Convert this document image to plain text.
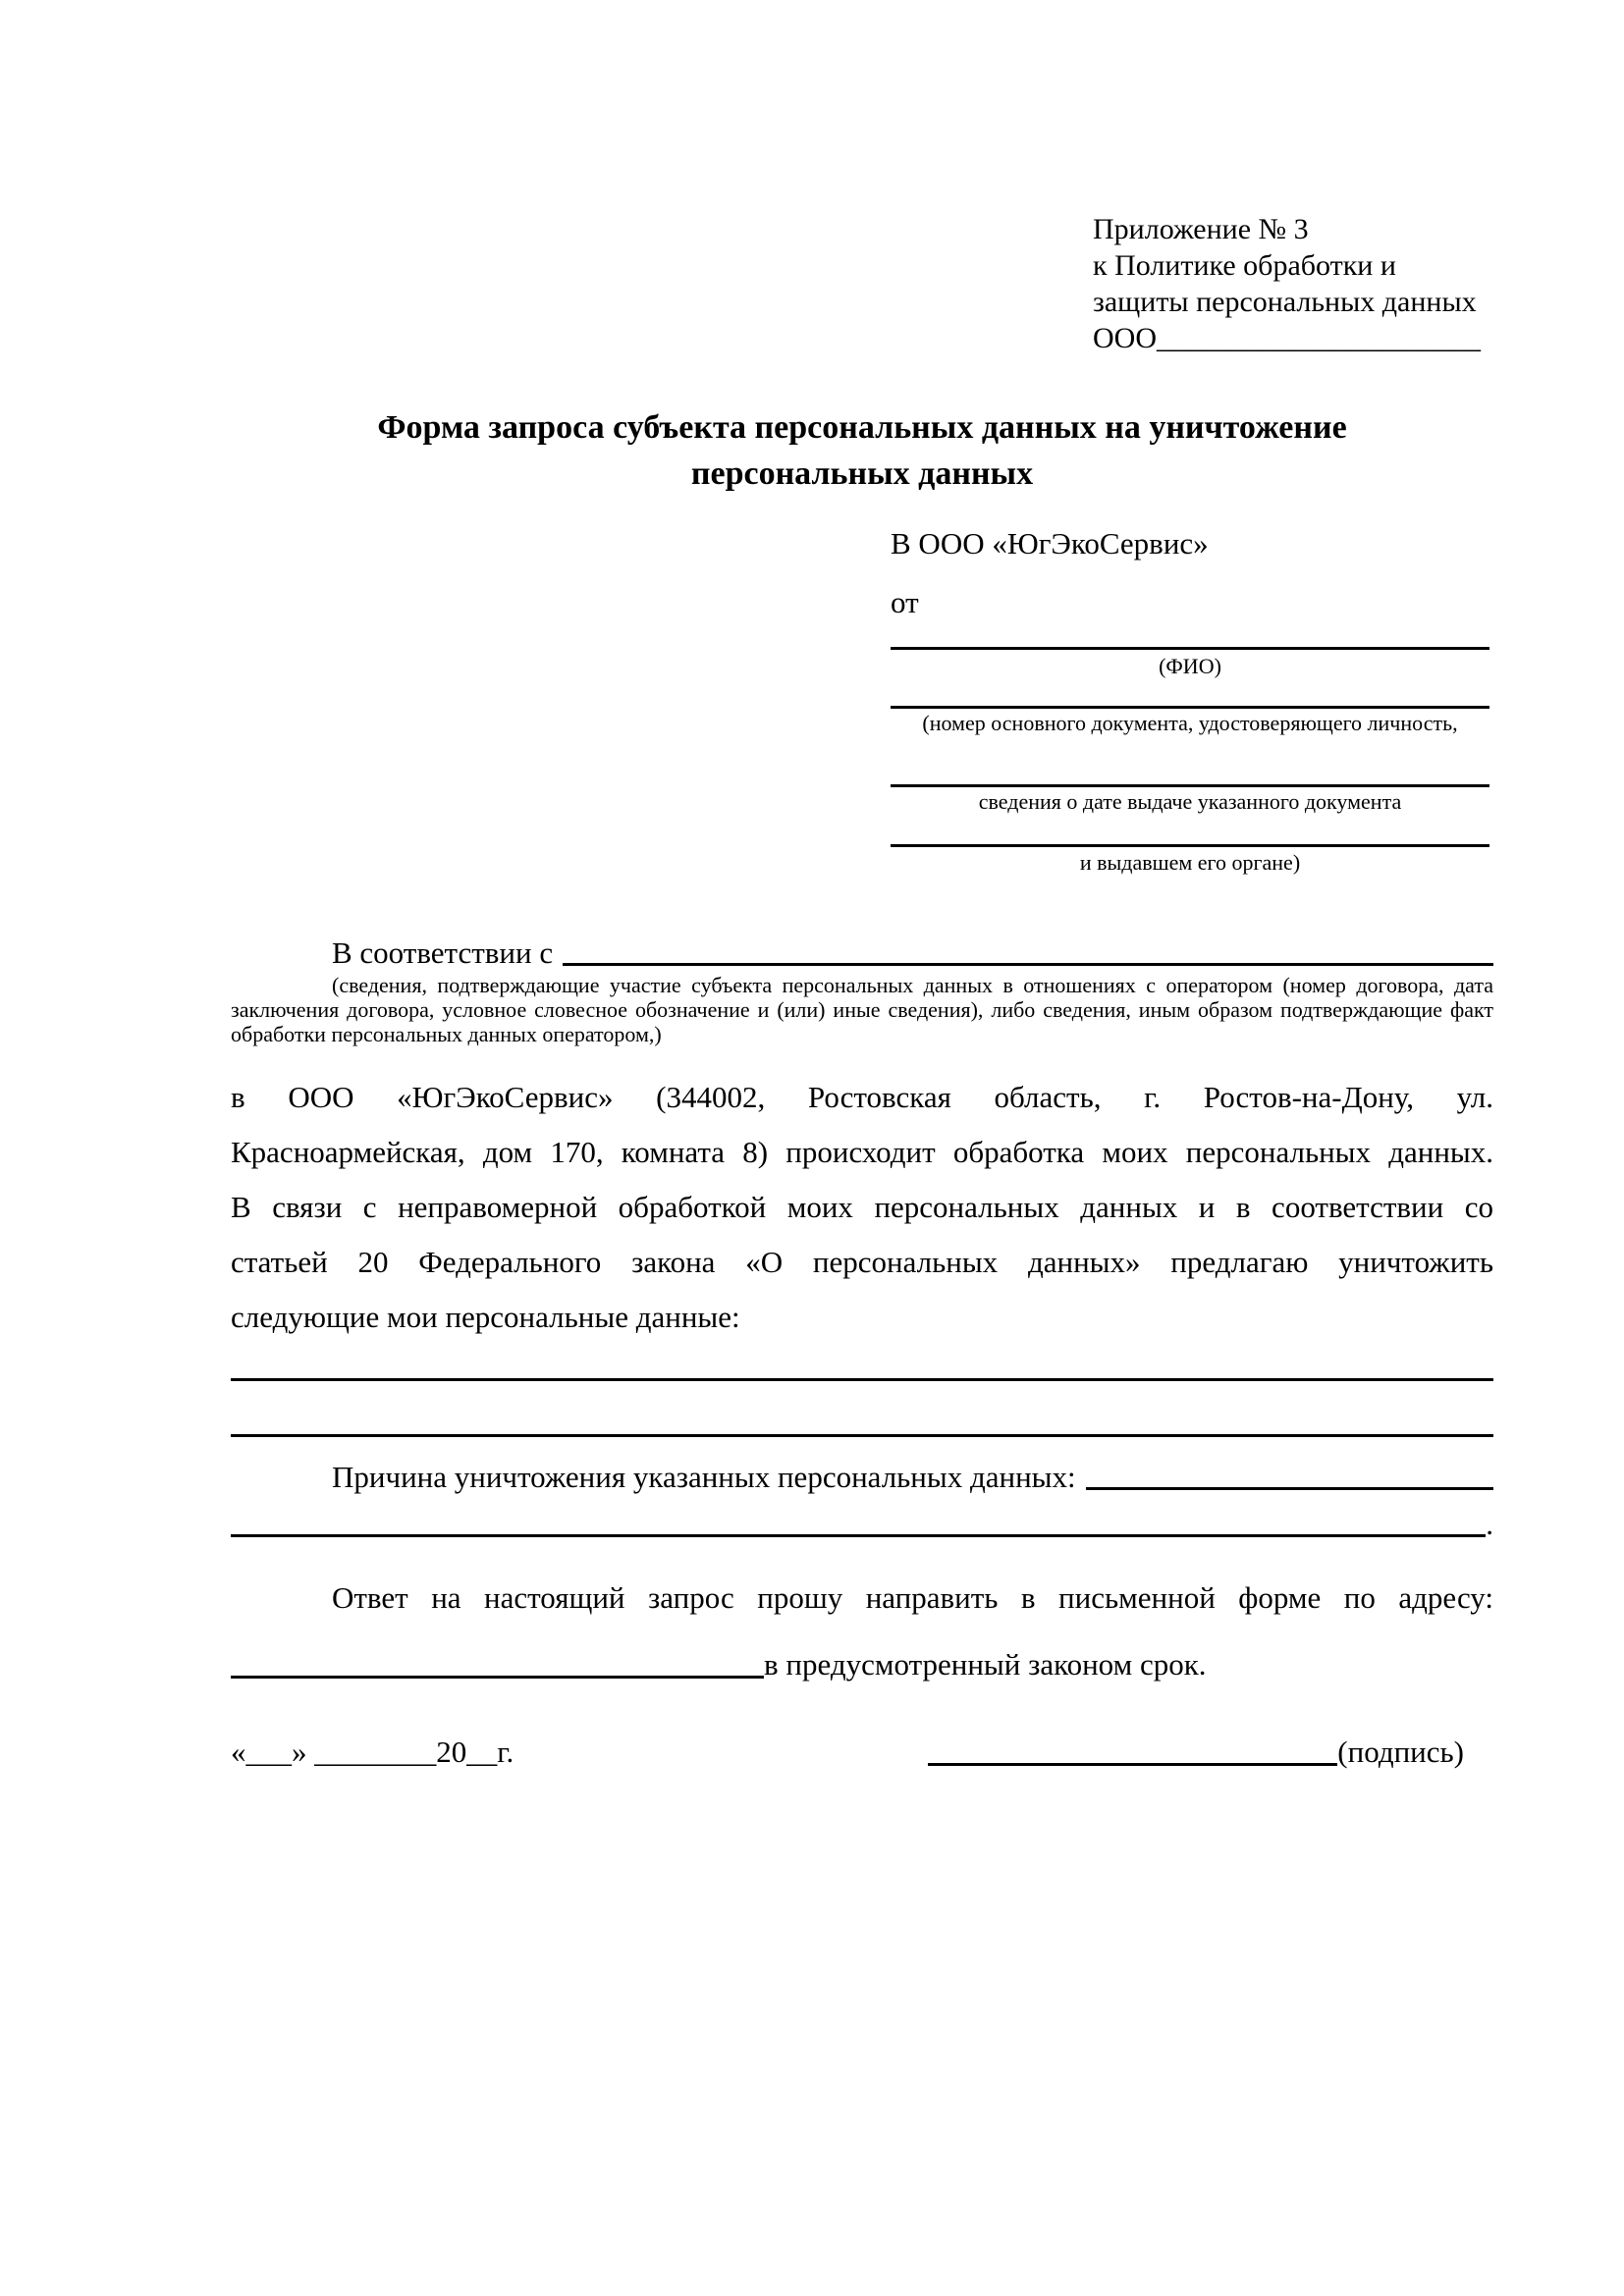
Приложение № 3
к Политике обработки и
защиты персональных данных
ООО______________________
Форма запроса субъекта персональных данных на уничтожение
персональных данных
В ООО «ЮгЭкоСервис»
от
(ФИО)
(номер основного документа, удостоверяющего личность,
сведения о дате выдаче указанного документа
и выдавшем его органе)
В соответствии с
(сведения, подтверждающие участие субъекта персональных данных в отношениях с оператором (номер договора, дата
заключения договора, условное словесное обозначение и (или) иные сведения), либо сведения, иным образом подтверждающие факт
обработки персональных данных оператором,)
в ООО «ЮгЭкоСервис» (344002, Ростовская область, г. Ростов-на-Дону, ул.
Красноармейская, дом 170, комната 8) происходит обработка моих персональных данных.
В связи с неправомерной обработкой моих персональных данных и в соответствии со
статьей 20 Федерального закона «О персональных данных» предлагаю уничтожить
следующие мои персональные данные:
Причина уничтожения указанных персональных данных:
.
Ответ на настоящий запрос прошу направить в письменной форме по адресу:
в предусмотренный законом срок.
«___» ________20__г.	(подпись)
